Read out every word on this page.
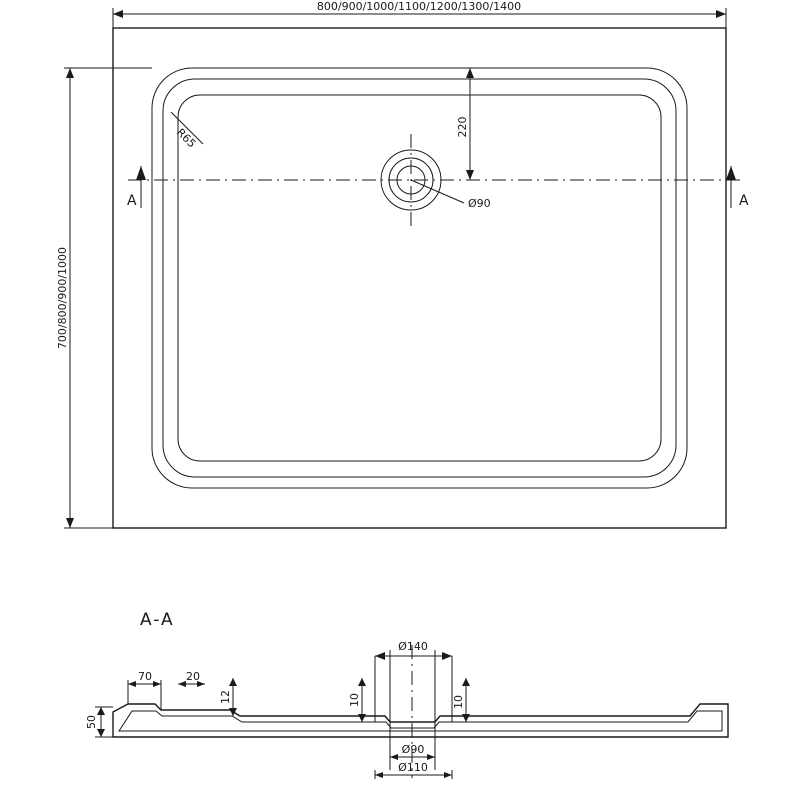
R65
Ø90
A	A
800/900/1000/1100/1200/1300/1400
700/800/900/1000
220
A-A
Ø140
70	20
12	10	10
50
Ø90
Ø110
